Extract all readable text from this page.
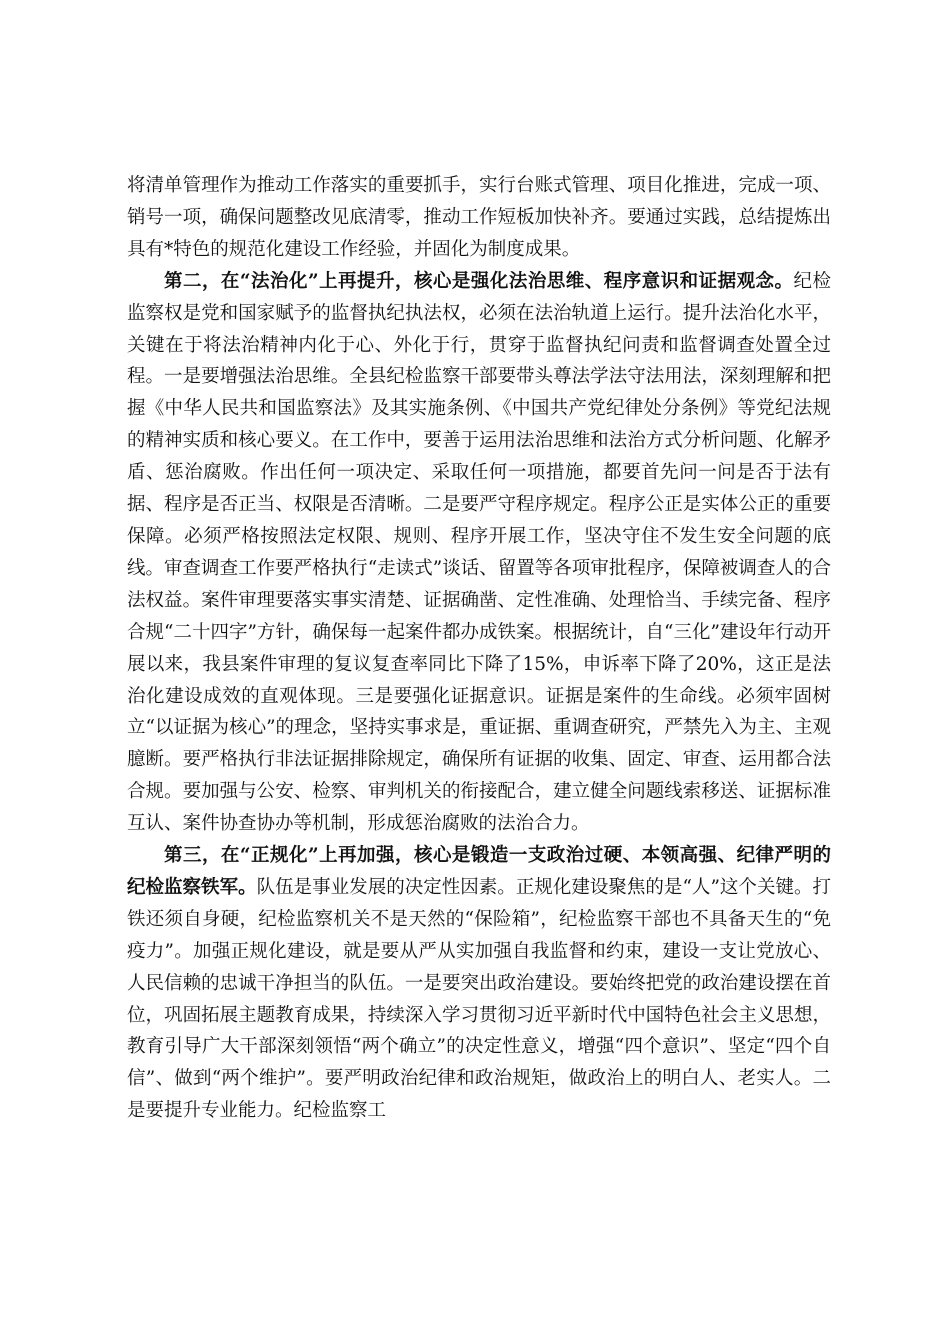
将清单管理作为推动工作落实的重要抓手，实行台账式管理、项目化推进，完成一项、销号一项，确保问题整改见底清零，推动工作短板加快补齐。要通过实践，总结提炼出具有*特色的规范化建设工作经验，并固化为制度成果。

第二，在“法治化”上再提升，核心是强化法治思维、程序意识和证据观念。纪检监察权是党和国家赋予的监督执纪执法权，必须在法治轨道上运行。提升法治化水平，关键在于将法治精神内化于心、外化于行，贯穿于监督执纪问责和监督调查处置全过程。一是要增强法治思维。全县纪检监察干部要带头尊法学法守法用法，深刻理解和把握《中华人民共和国监察法》及其实施条例、《中国共产党纪律处分条例》等党纪法规的精神实质和核心要义。在工作中，要善于运用法治思维和法治方式分析问题、化解矛盾、惩治腐败。作出任何一项决定、采取任何一项措施，都要首先问一问是否于法有据、程序是否正当、权限是否清晰。二是要严守程序规定。程序公正是实体公正的重要保障。必须严格按照法定权限、规则、程序开展工作，坚决守住不发生安全问题的底线。审查调查工作要严格执行“走读式”谈话、留置等各项审批程序，保障被调查人的合法权益。案件审理要落实事实清楚、证据确凿、定性准确、处理恰当、手续完备、程序合规“二十四字”方针，确保每一起案件都办成铁案。根据统计，自“三化”建设年行动开展以来，我县案件审理的复议复查率同比下降了15%，申诉率下降了20%，这正是法治化建设成效的直观体现。三是要强化证据意识。证据是案件的生命线。必须牢固树立“以证据为核心”的理念，坚持实事求是，重证据、重调查研究，严禁先入为主、主观臆断。要严格执行非法证据排除规定，确保所有证据的收集、固定、审查、运用都合法合规。要加强与公安、检察、审判机关的衔接配合，建立健全问题线索移送、证据标准互认、案件协查协办等机制，形成惩治腐败的法治合力。

第三，在“正规化”上再加强，核心是锻造一支政治过硬、本领高强、纪律严明的纪检监察铁军。队伍是事业发展的决定性因素。正规化建设聚焦的是“人”这个关键。打铁还须自身硬，纪检监察机关不是天然的“保险箱”，纪检监察干部也不具备天生的“免疫力”。加强正规化建设，就是要从严从实加强自我监督和约束，建设一支让党放心、人民信赖的忠诚干净担当的队伍。一是要突出政治建设。要始终把党的政治建设摆在首位，巩固拓展主题教育成果，持续深入学习贯彻习近平新时代中国特色社会主义思想，教育引导广大干部深刻领悟“两个确立”的决定性意义，增强“四个意识”、坚定“四个自信”、做到“两个维护”。要严明政治纪律和政治规矩，做政治上的明白人、老实人。二是要提升专业能力。纪检监察工
